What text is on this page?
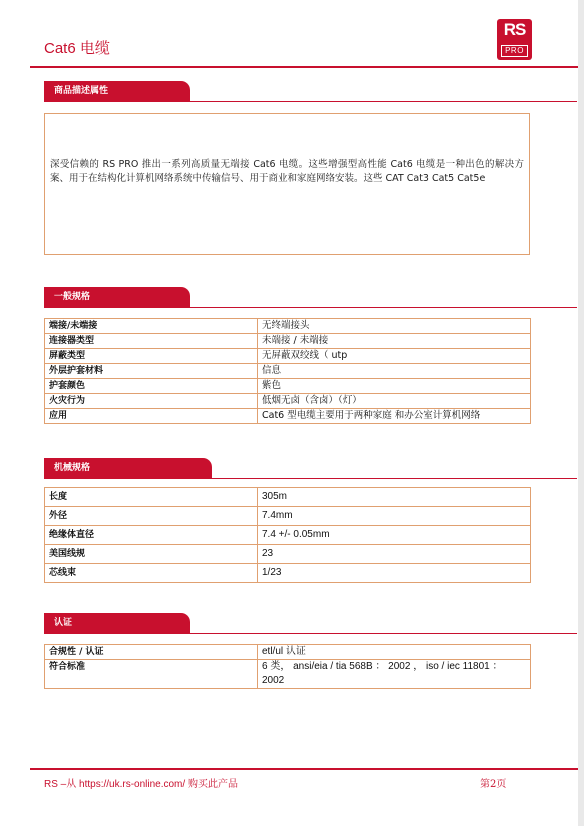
Cat6 电缆
RS
PRO
商品描述属性
深受信赖的 RS PRO 推出一系列高质量无端接 Cat6 电缆。这些增强型高性能 Cat6 电缆是一种出色的解决方案、用于在结构化计算机网络系统中传输信号、用于商业和家庭网络安装。这些 CAT Cat3 Cat5 Cat5e
一般规格
端接/未端接	无终端接头
连接器类型	未端接 / 未端接
屏蔽类型	无屏蔽双绞线（ utp
外层护套材料	信息
护套颜色	紫色
火灾行为	低烟无卤（含卤）（灯）
应用	Cat6 型电缆主要用于两种家庭 和办公室计算机网络
机械规格
长度	305m
外径	7.4mm
绝缘体直径	7.4 +/- 0.05mm
美国线规	23
芯线束	1/23
认证
合规性 / 认证	etl/ul 认证
符合标准	6 类， ansi/eia / tia 568B ： 2002 ， iso / iec 11801 ： 2002
RS –从 https://uk.rs-online.com/ 购买此产品	第2页
